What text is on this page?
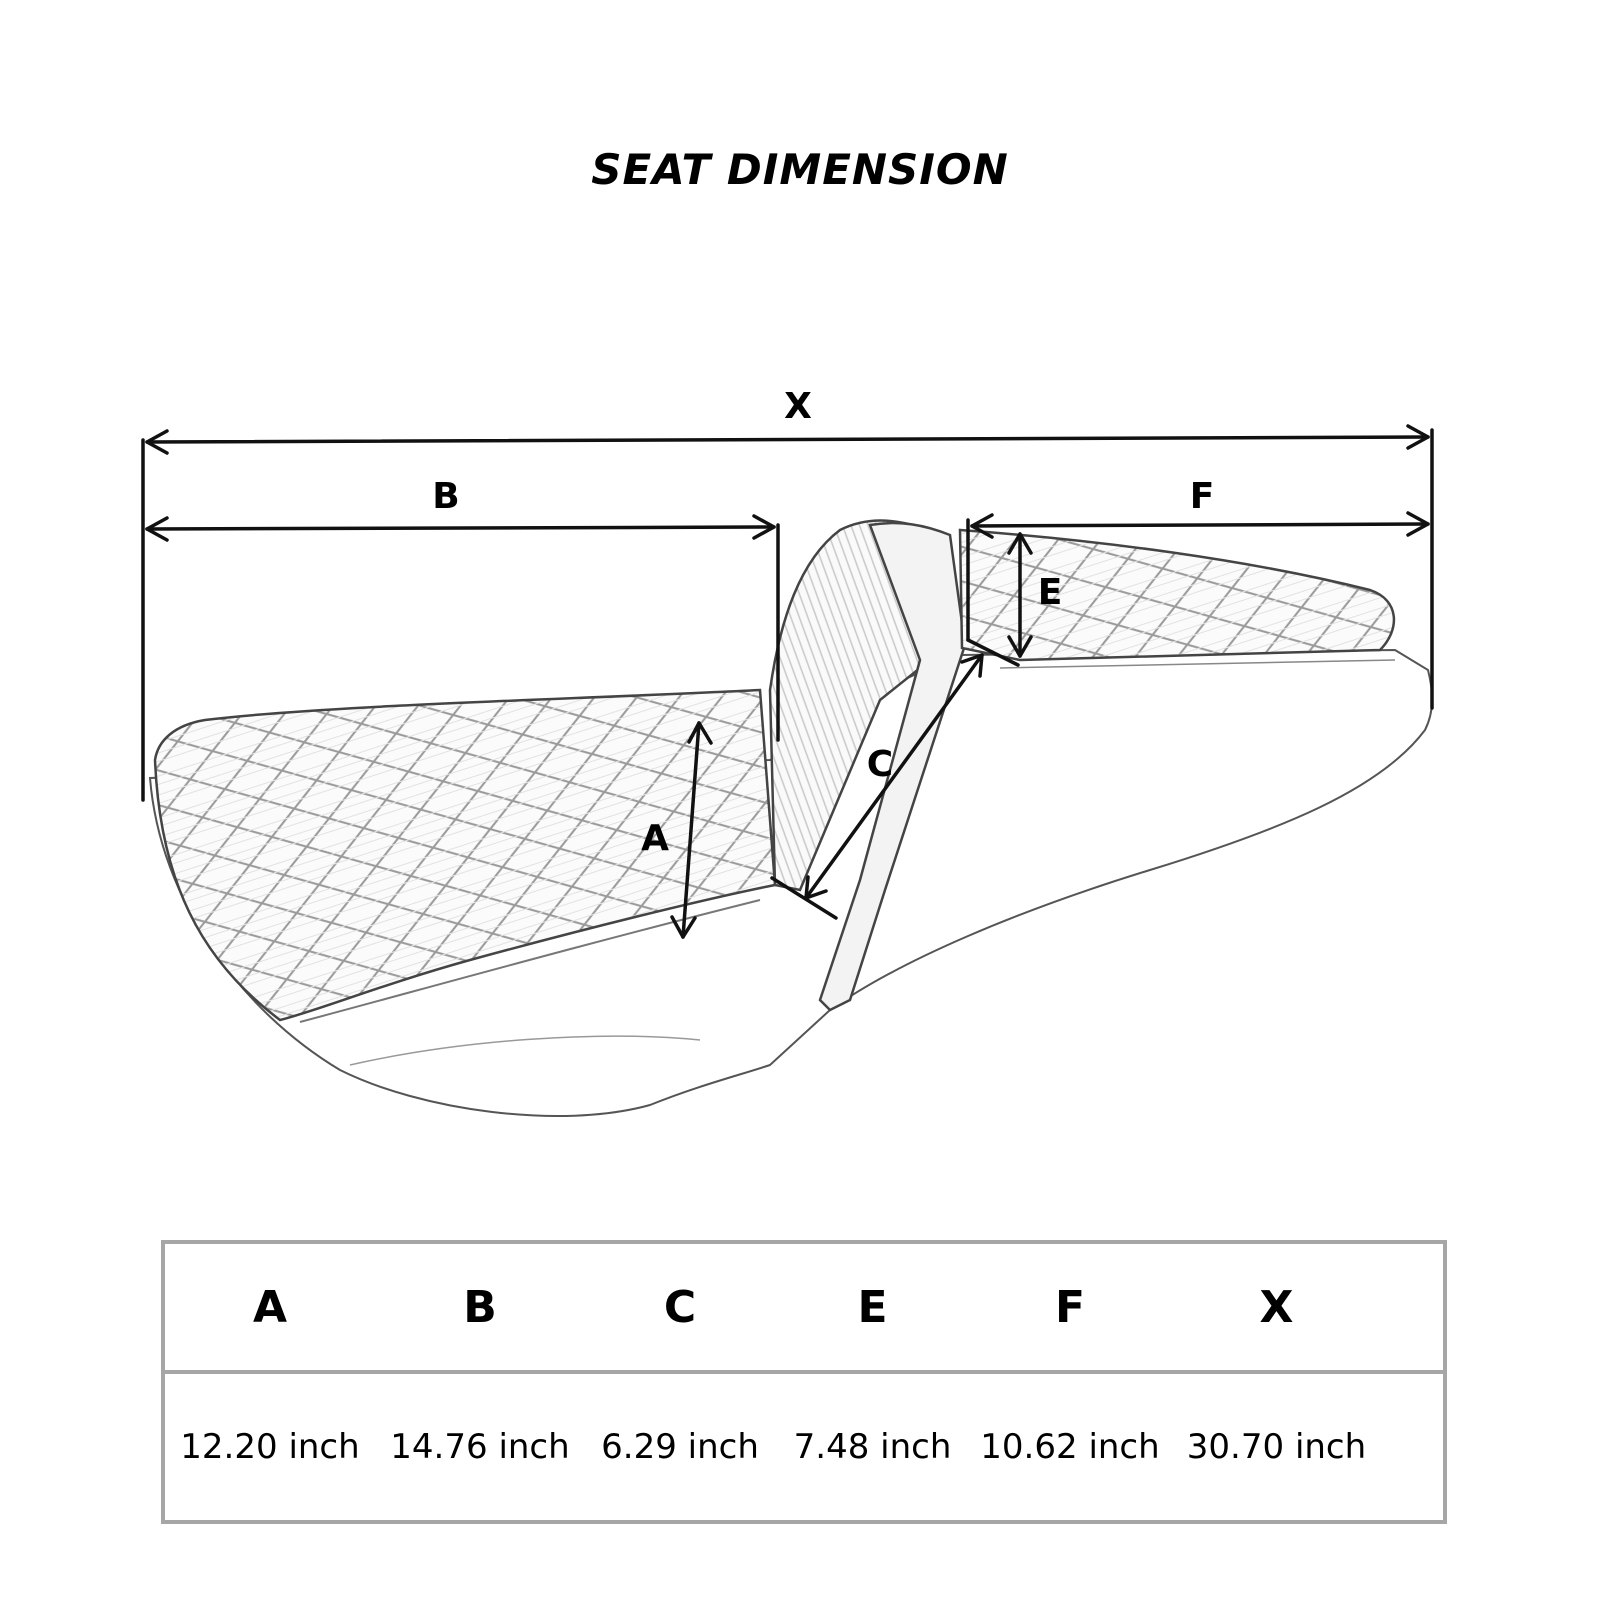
SEAT DIMENSION
X
B	F
E
C
A
A	B	C	E	F	X
12.20 inch 14.76 inch 6.29 inch	7.48 inch 10.62 inch 30.70 inch
